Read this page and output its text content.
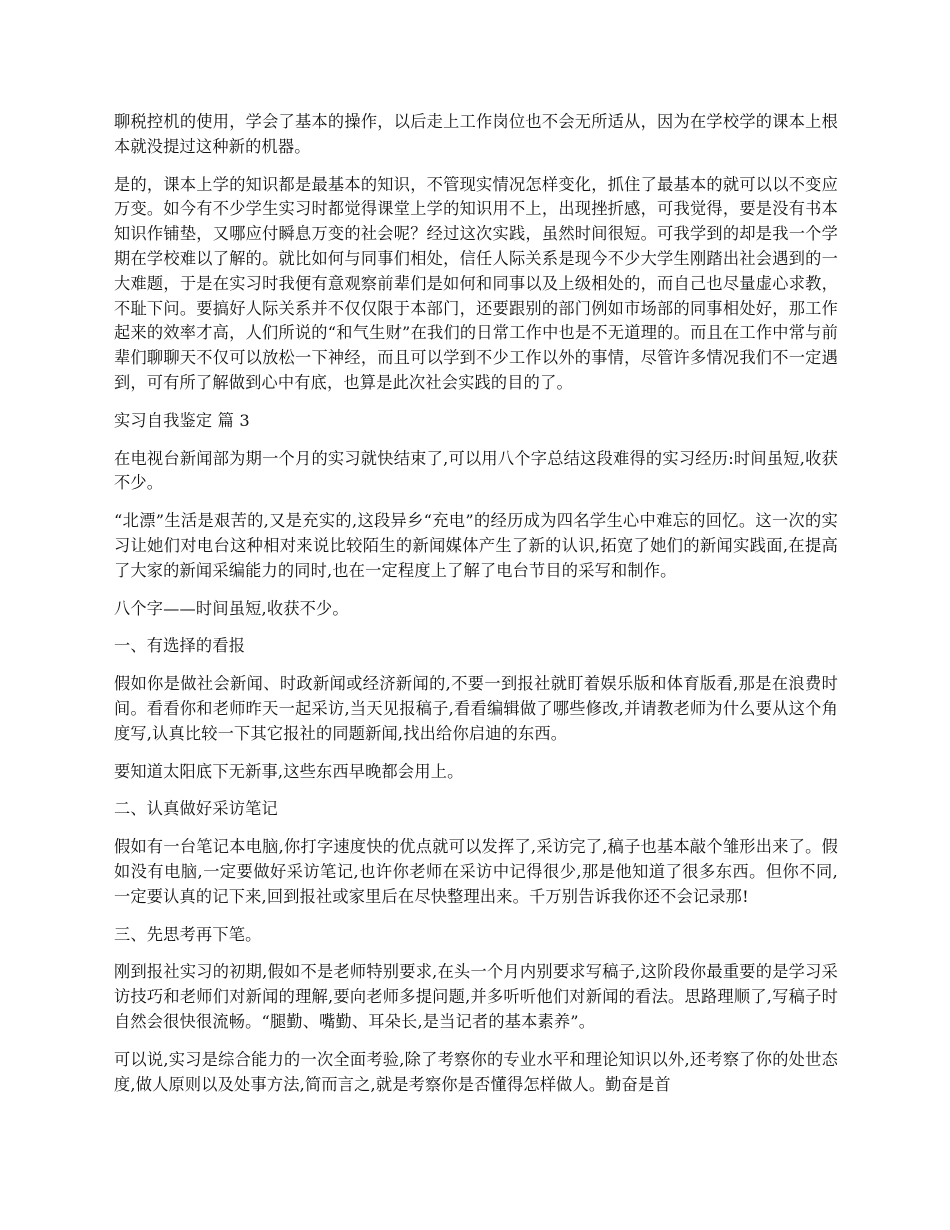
聊税控机的使用，学会了基本的操作，以后走上工作岗位也不会无所适从，因为在学校学的课本上根本就没提过这种新的机器。

是的，课本上学的知识都是最基本的知识，不管现实情况怎样变化，抓住了最基本的就可以以不变应万变。如今有不少学生实习时都觉得课堂上学的知识用不上，出现挫折感，可我觉得，要是没有书本知识作铺垫，又哪应付瞬息万变的社会呢？经过这次实践，虽然时间很短。可我学到的却是我一个学期在学校难以了解的。就比如何与同事们相处，信任人际关系是现今不少大学生刚踏出社会遇到的一大难题，于是在实习时我便有意观察前辈们是如何和同事以及上级相处的，而自己也尽量虚心求教，不耻下问。要搞好人际关系并不仅仅限于本部门，还要跟别的部门例如市场部的同事相处好，那工作起来的效率才高，人们所说的“和气生财”在我们的日常工作中也是不无道理的。而且在工作中常与前辈们聊聊天不仅可以放松一下神经，而且可以学到不少工作以外的事情，尽管许多情况我们不一定遇到，可有所了解做到心中有底，也算是此次社会实践的目的了。

实习自我鉴定 篇 3

在电视台新闻部为期一个月的实习就快结束了,可以用八个字总结这段难得的实习经历:时间虽短,收获不少。

“北漂”生活是艰苦的,又是充实的,这段异乡“充电”的经历成为四名学生心中难忘的回忆。这一次的实习让她们对电台这种相对来说比较陌生的新闻媒体产生了新的认识,拓宽了她们的新闻实践面,在提高了大家的新闻采编能力的同时,也在一定程度上了解了电台节目的采写和制作。

八个字——时间虽短,收获不少。

一、有选择的看报

假如你是做社会新闻、时政新闻或经济新闻的,不要一到报社就盯着娱乐版和体育版看,那是在浪费时间。看看你和老师昨天一起采访,当天见报稿子,看看编辑做了哪些修改,并请教老师为什么要从这个角度写,认真比较一下其它报社的同题新闻,找出给你启迪的东西。

要知道太阳底下无新事,这些东西早晚都会用上。

二、认真做好采访笔记

假如有一台笔记本电脑,你打字速度快的优点就可以发挥了,采访完了,稿子也基本敲个雏形出来了。假如没有电脑,一定要做好采访笔记,也许你老师在采访中记得很少,那是他知道了很多东西。但你不同,一定要认真的记下来,回到报社或家里后在尽快整理出来。千万别告诉我你还不会记录那!

三、先思考再下笔。

刚到报社实习的初期,假如不是老师特别要求,在头一个月内别要求写稿子,这阶段你最重要的是学习采访技巧和老师们对新闻的理解,要向老师多提问题,并多听听他们对新闻的看法。思路理顺了,写稿子时自然会很快很流畅。“腿勤、嘴勤、耳朵长,是当记者的基本素养”。

可以说,实习是综合能力的一次全面考验,除了考察你的专业水平和理论知识以外,还考察了你的处世态度,做人原则以及处事方法,简而言之,就是考察你是否懂得怎样做人。勤奋是首
